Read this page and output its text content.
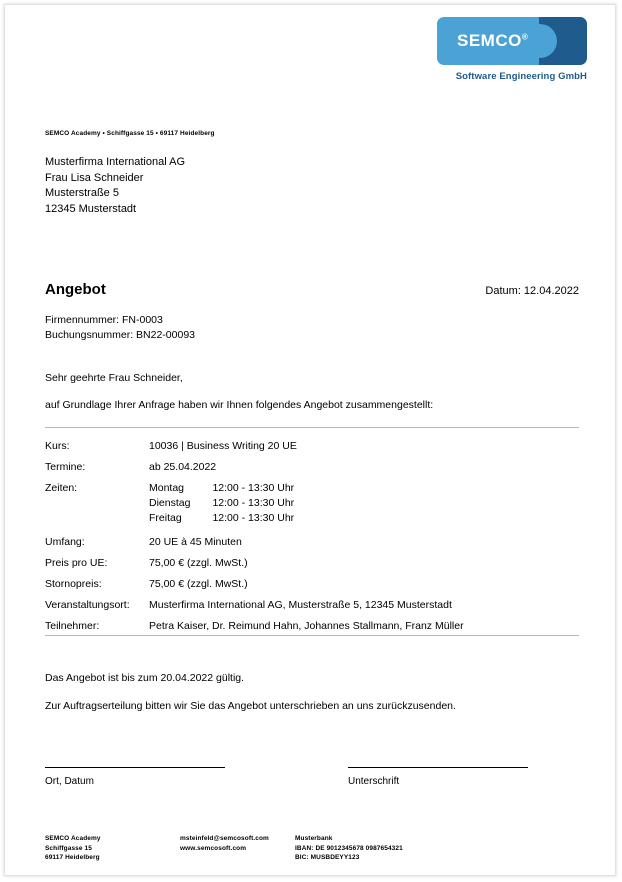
SEMCO®
Software Engineering GmbH
SEMCO Academy • Schiffgasse 15 • 69117 Heidelberg
Musterfirma International AG
Frau Lisa Schneider
Musterstraße 5
12345 Musterstadt
Angebot	Datum: 12.04.2022
Firmennummer: FN-0003
Buchungsnummer: BN22-00093
Sehr geehrte Frau Schneider,
auf Grundlage Ihrer Anfrage haben wir Ihnen folgendes Angebot zusammengestellt:
Kurs:	10036 | Business Writing 20 UE
Termine:	ab 25.04.2022
Zeiten:	Montag	12:00 - 13:30 Uhr
Dienstag	12:00 - 13:30 Uhr
Freitag	12:00 - 13:30 Uhr
Umfang:	20 UE à 45 Minuten
Preis pro UE:	75,00 € (zzgl. MwSt.)
Stornopreis:	75,00 € (zzgl. MwSt.)
Veranstaltungsort:	Musterfirma International AG, Musterstraße 5, 12345 Musterstadt
Teilnehmer:	Petra Kaiser, Dr. Reimund Hahn, Johannes Stallmann, Franz Müller
Das Angebot ist bis zum 20.04.2022 gültig.
Zur Auftragserteilung bitten wir Sie das Angebot unterschrieben an uns zurückzusenden.
Ort, Datum	Unterschrift
SEMCO Academy
Schiffgasse 15
69117 Heidelberg
msteinfeld@semcosoft.com
www.semcosoft.com
Musterbank
IBAN: DE 9012345678 0987654321
BIC: MUSBDEYY123
